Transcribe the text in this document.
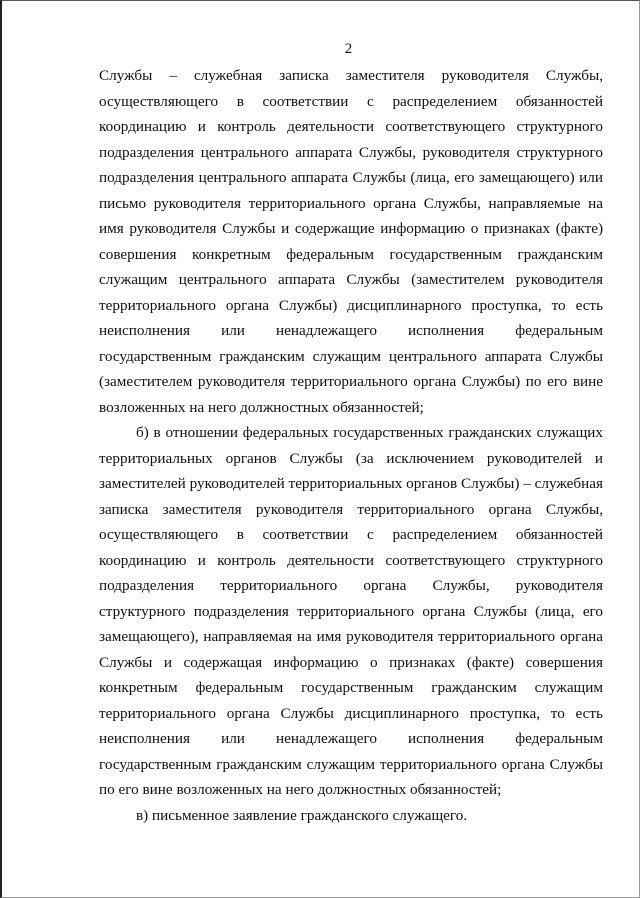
2

Службы – служебная записка заместителя руководителя Службы, осуществляющего в соответствии с распределением обязанностей координацию и контроль деятельности соответствующего структурного подразделения центрального аппарата Службы, руководителя структурного подразделения центрального аппарата Службы (лица, его замещающего) или письмо руководителя территориального органа Службы, направляемые на имя руководителя Службы и содержащие информацию о признаках (факте) совершения конкретным федеральным государственным гражданским служащим центрального аппарата Службы (заместителем руководителя территориального органа Службы) дисциплинарного проступка, то есть неисполнения или ненадлежащего исполнения федеральным государственным гражданским служащим центрального аппарата Службы (заместителем руководителя территориального органа Службы) по его вине возложенных на него должностных обязанностей;

б) в отношении федеральных государственных гражданских служащих территориальных органов Службы (за исключением руководителей и заместителей руководителей территориальных органов Службы) – служебная записка заместителя руководителя территориального органа Службы, осуществляющего в соответствии с распределением обязанностей координацию и контроль деятельности соответствующего структурного подразделения территориального органа Службы, руководителя структурного подразделения территориального органа Службы (лица, его замещающего), направляемая на имя руководителя территориального органа Службы и содержащая информацию о признаках (факте) совершения конкретным федеральным государственным гражданским служащим территориального органа Службы дисциплинарного проступка, то есть неисполнения или ненадлежащего исполнения федеральным государственным гражданским служащим территориального органа Службы по его вине возложенных на него должностных обязанностей;

в) письменное заявление гражданского служащего.
